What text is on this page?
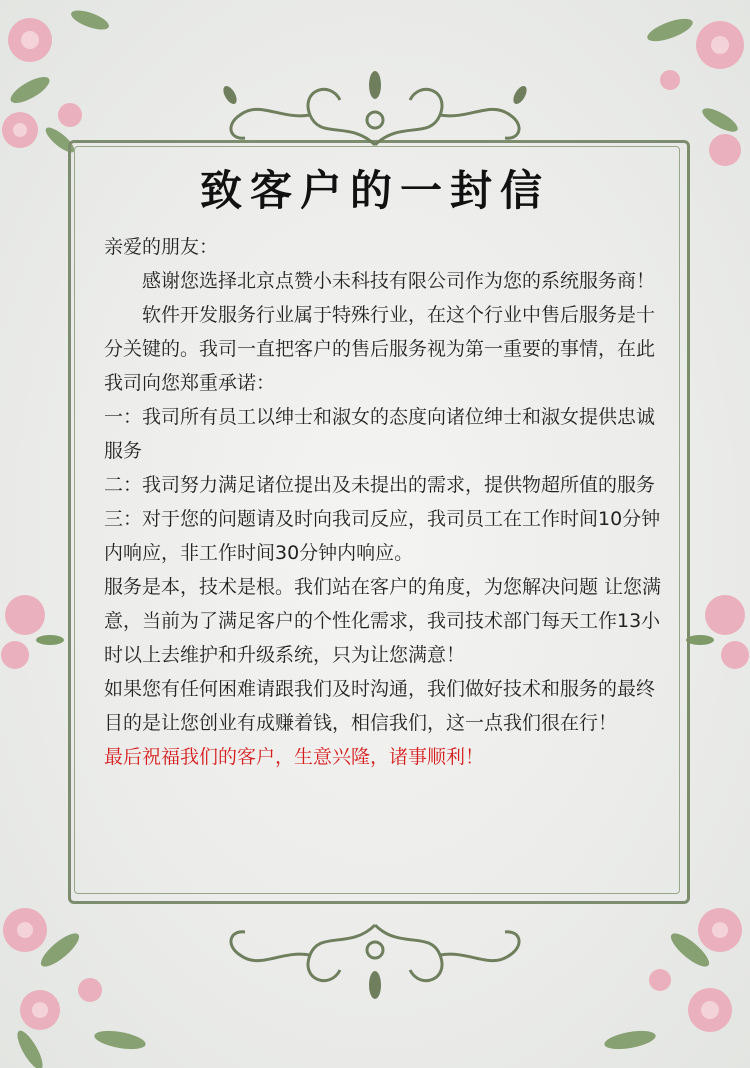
致客户的一封信

亲爱的朋友：

感谢您选择北京点赞小未科技有限公司作为您的系统服务商！

软件开发服务行业属于特殊行业，在这个行业中售后服务是十分关键的。我司一直把客户的售后服务视为第一重要的事情，在此我司向您郑重承诺：

一：我司所有员工以绅士和淑女的态度向诸位绅士和淑女提供忠诚服务

二：我司努力满足诸位提出及未提出的需求，提供物超所值的服务

三：对于您的问题请及时向我司反应，我司员工在工作时间10分钟内响应，非工作时间30分钟内响应。

服务是本，技术是根。我们站在客户的角度，为您解决问题 让您满意，当前为了满足客户的个性化需求，我司技术部门每天工作13小时以上去维护和升级系统，只为让您满意！

如果您有任何困难请跟我们及时沟通，我们做好技术和服务的最终目的是让您创业有成赚着钱，相信我们，这一点我们很在行！

最后祝福我们的客户，生意兴隆，诸事顺利！
